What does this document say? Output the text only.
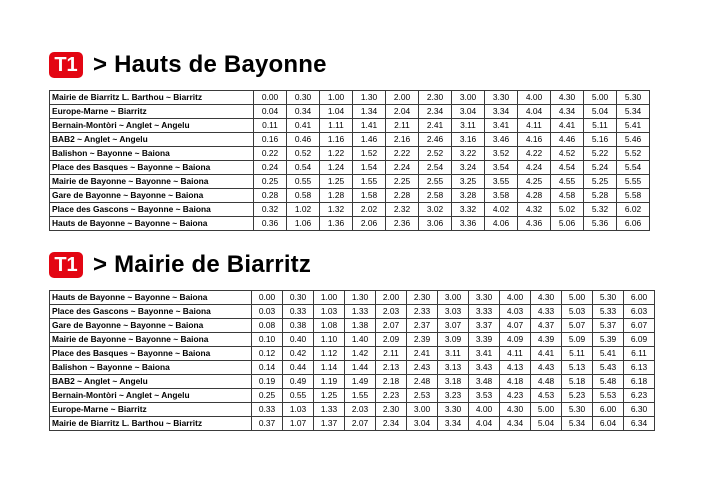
T1 > Hauts de Bayonne
Mairie de Biarritz L. Barthou ~ Biarritz	0.00	0.30	1.00	1.30	2.00	2.30	3.00	3.30	4.00	4.30	5.00	5.30
Europe-Marne ~ Biarritz	0.04	0.34	1.04	1.34	2.04	2.34	3.04	3.34	4.04	4.34	5.04	5.34
Bernain-Montòri ~ Anglet ~ Angelu	0.11	0.41	1.11	1.41	2.11	2.41	3.11	3.41	4.11	4.41	5.11	5.41
BAB2 ~ Anglet ~ Angelu	0.16	0.46	1.16	1.46	2.16	2.46	3.16	3.46	4.16	4.46	5.16	5.46
Balishon ~ Bayonne ~ Baiona	0.22	0.52	1.22	1.52	2.22	2.52	3.22	3.52	4.22	4.52	5.22	5.52
Place des Basques ~ Bayonne ~ Baiona	0.24	0.54	1.24	1.54	2.24	2.54	3.24	3.54	4.24	4.54	5.24	5.54
Mairie de Bayonne ~ Bayonne ~ Baiona	0.25	0.55	1.25	1.55	2.25	2.55	3.25	3.55	4.25	4.55	5.25	5.55
Gare de Bayonne ~ Bayonne ~ Baiona	0.28	0.58	1.28	1.58	2.28	2.58	3.28	3.58	4.28	4.58	5.28	5.58
Place des Gascons ~ Bayonne ~ Baiona	0.32	1.02	1.32	2.02	2.32	3.02	3.32	4.02	4.32	5.02	5.32	6.02
Hauts de Bayonne ~ Bayonne ~ Baiona	0.36	1.06	1.36	2.06	2.36	3.06	3.36	4.06	4.36	5.06	5.36	6.06
T1 > Mairie de Biarritz
Hauts de Bayonne ~ Bayonne ~ Baiona	0.00	0.30	1.00	1.30	2.00	2.30	3.00	3.30	4.00	4.30	5.00	5.30	6.00
Place des Gascons ~ Bayonne ~ Baiona	0.03	0.33	1.03	1.33	2.03	2.33	3.03	3.33	4.03	4.33	5.03	5.33	6.03
Gare de Bayonne ~ Bayonne ~ Baiona	0.08	0.38	1.08	1.38	2.07	2.37	3.07	3.37	4.07	4.37	5.07	5.37	6.07
Mairie de Bayonne ~ Bayonne ~ Baiona	0.10	0.40	1.10	1.40	2.09	2.39	3.09	3.39	4.09	4.39	5.09	5.39	6.09
Place des Basques ~ Bayonne ~ Baiona	0.12	0.42	1.12	1.42	2.11	2.41	3.11	3.41	4.11	4.41	5.11	5.41	6.11
Balishon ~ Bayonne ~ Baiona	0.14	0.44	1.14	1.44	2.13	2.43	3.13	3.43	4.13	4.43	5.13	5.43	6.13
BAB2 ~ Anglet ~ Angelu	0.19	0.49	1.19	1.49	2.18	2.48	3.18	3.48	4.18	4.48	5.18	5.48	6.18
Bernain-Montòri ~ Anglet ~ Angelu	0.25	0.55	1.25	1.55	2.23	2.53	3.23	3.53	4.23	4.53	5.23	5.53	6.23
Europe-Marne ~ Biarritz	0.33	1.03	1.33	2.03	2.30	3.00	3.30	4.00	4.30	5.00	5.30	6.00	6.30
Mairie de Biarritz L. Barthou ~ Biarritz	0.37	1.07	1.37	2.07	2.34	3.04	3.34	4.04	4.34	5.04	5.34	6.04	6.34
